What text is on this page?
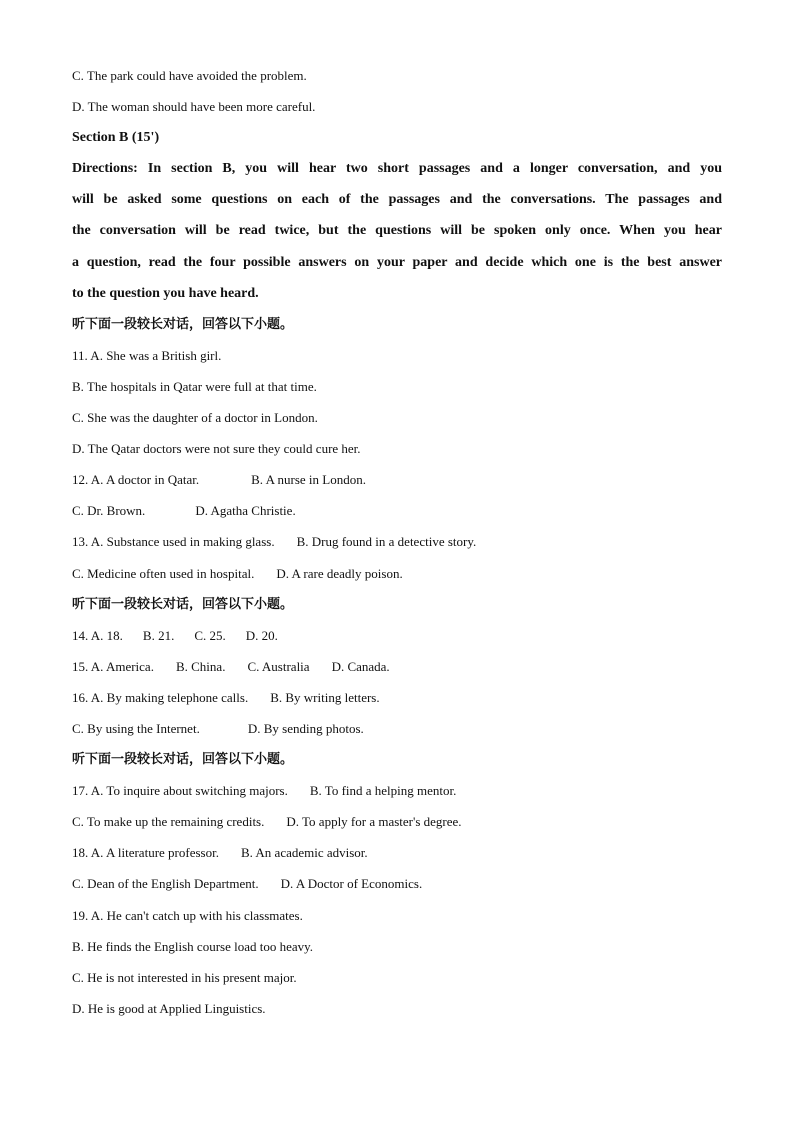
C. The park could have avoided the problem.
D. The woman should have been more careful.
Section B (15')
Directions: In section B, you will hear two short passages and a longer conversation, and you
will be asked some questions on each of the passages and the conversations. The passages and
the conversation will be read twice, but the questions will be spoken only once. When you hear
a question, read the four possible answers on your paper and decide which one is the best answer
to the question you have heard.
听下面一段较长对话，回答以下小题。
11. A. She was a British girl.
B. The hospitals in Qatar were full at that time.
C. She was the daughter of a doctor in London.
D. The Qatar doctors were not sure they could cure her.
12. A. A doctor in Qatar.	B. A nurse in London.
C. Dr. Brown.	D. Agatha Christie.
13. A. Substance used in making glass. B. Drug found in a detective story.
C. Medicine often used in hospital. D. A rare deadly poison.
听下面一段较长对话，回答以下小题。
14. A. 18. B. 21. C. 25. D. 20.
15. A. America. B. China. C. Australia D. Canada.
16. A. By making telephone calls. B. By writing letters.
C. By using the Internet.	D. By sending photos.
听下面一段较长对话，回答以下小题。
17. A. To inquire about switching majors. B. To find a helping mentor.
C. To make up the remaining credits. D. To apply for a master's degree.
18. A. A literature professor. B. An academic advisor.
C. Dean of the English Department. D. A Doctor of Economics.
19. A. He can't catch up with his classmates.
B. He finds the English course load too heavy.
C. He is not interested in his present major.
D. He is good at Applied Linguistics.
